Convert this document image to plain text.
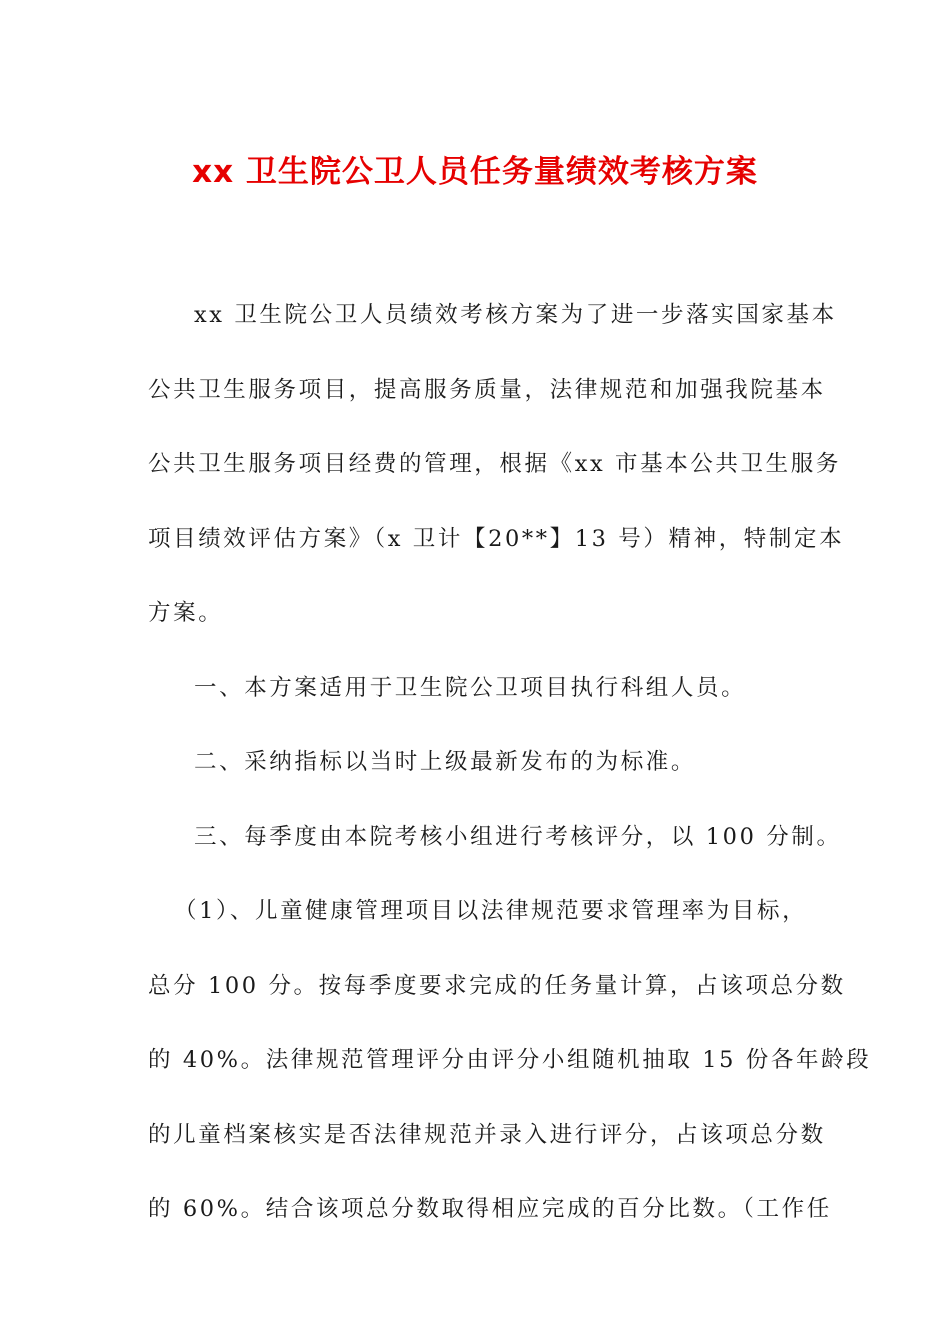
xx 卫生院公卫人员任务量绩效考核方案
xx 卫生院公卫人员绩效考核方案为了进一步落实国家基本
公共卫生服务项目，提高服务质量，法律规范和加强我院基本
公共卫生服务项目经费的管理，根据《xx 市基本公共卫生服务
项目绩效评估方案》（x 卫计【20**】13 号）精神，特制定本
方案。
一、本方案适用于卫生院公卫项目执行科组人员。
二、采纳指标以当时上级最新发布的为标准。
三、每季度由本院考核小组进行考核评分，以 100 分制。
（1）、儿童健康管理项目以法律规范要求管理率为目标，
总分 100 分。按每季度要求完成的任务量计算，占该项总分数
的 40%。法律规范管理评分由评分小组随机抽取 15 份各年龄段
的儿童档案核实是否法律规范并录入进行评分，占该项总分数
的 60%。结合该项总分数取得相应完成的百分比数。（工作任
